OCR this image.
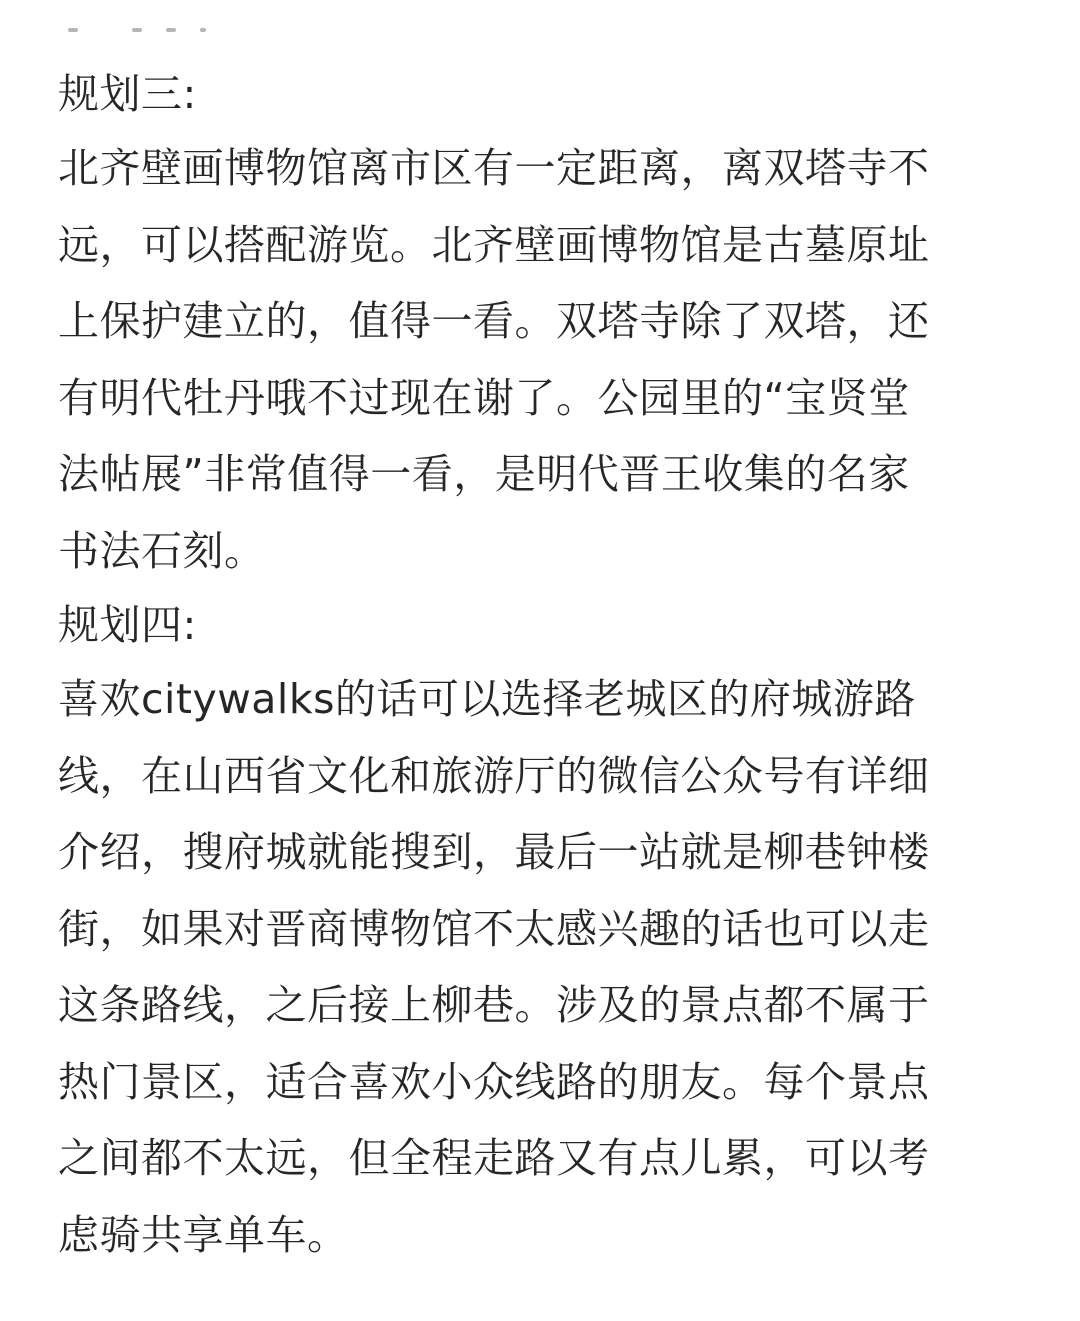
规划三:

北齐壁画博物馆离市区有一定距离，离双塔寺不

远，可以搭配游览。北齐壁画博物馆是古墓原址

上保护建立的，值得一看。双塔寺除了双塔，还

有明代牡丹哦不过现在谢了。公园里的“宝贤堂

法帖展”非常值得一看，是明代晋王收集的名家

书法石刻。

规划四:

喜欢citywalks的话可以选择老城区的府城游路

线，在山西省文化和旅游厅的微信公众号有详细

介绍，搜府城就能搜到，最后一站就是柳巷钟楼

街，如果对晋商博物馆不太感兴趣的话也可以走

这条路线，之后接上柳巷。涉及的景点都不属于

热门景区，适合喜欢小众线路的朋友。每个景点

之间都不太远，但全程走路又有点儿累，可以考

虑骑共享单车。
